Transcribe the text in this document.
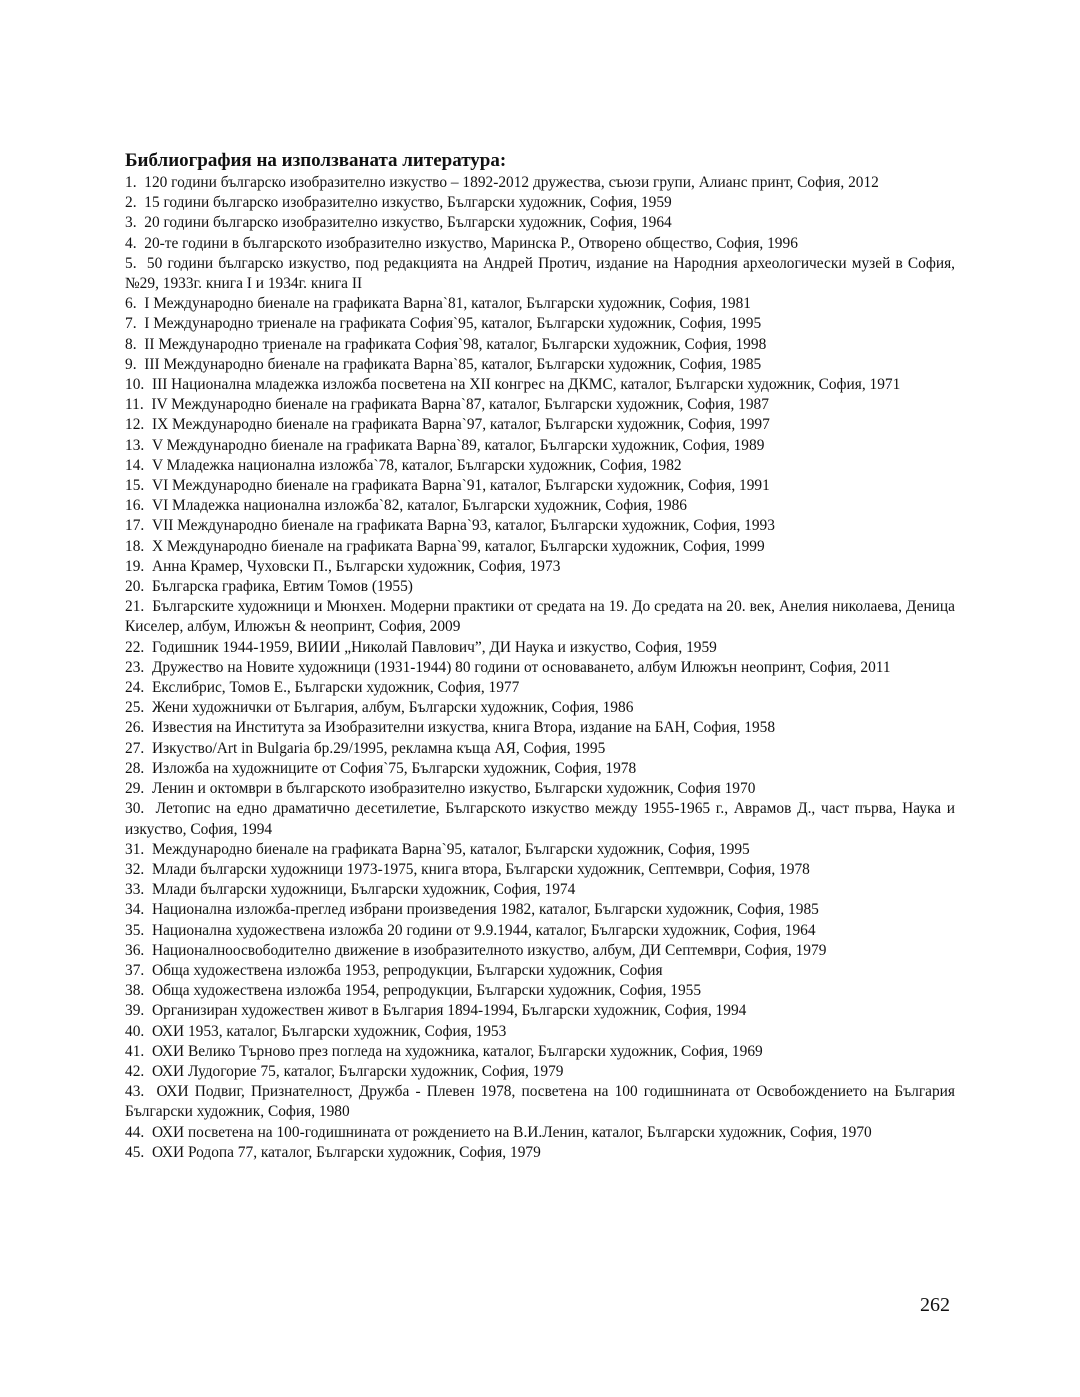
Библиография на използваната литература:
1. 120 години българско изобразително изкуство – 1892-2012 дружества, съюзи групи, Алианс принт, София, 2012
2. 15 години българско изобразително изкуство, Български художник, София, 1959
3. 20 години българско изобразително изкуство, Български художник, София, 1964
4. 20-те години в българското изобразително изкуство, Маринска Р., Отворено общество, София, 1996
5. 50 години българско изкуство, под редакцията на Андрей Протич, издание на Народния археологически музей в София, №29, 1933г. книга I и 1934г. книга II
6. I Международно биенале на графиката Варна`81, каталог, Български художник, София, 1981
7. I Международно триенале на графиката София`95, каталог, Български художник, София, 1995
8. II Международно триенале на графиката София`98, каталог, Български художник, София, 1998
9. III Международно биенале на графиката Варна`85, каталог, Български художник, София, 1985
10. III Национална младежка изложба посветена на XII конгрес на ДКМС, каталог, Български художник, София, 1971
11. IV Международно биенале на графиката Варна`87, каталог, Български художник, София, 1987
12. IX Международно биенале на графиката Варна`97, каталог, Български художник, София, 1997
13. V Международно биенале на графиката Варна`89, каталог, Български художник, София, 1989
14. V Младежка национална изложба`78, каталог, Български художник, София, 1982
15. VI Международно биенале на графиката Варна`91, каталог, Български художник, София, 1991
16. VI Младежка национална изложба`82, каталог, Български художник, София, 1986
17. VII Международно биенале на графиката Варна`93, каталог, Български художник, София, 1993
18. X Международно биенале на графиката Варна`99, каталог, Български художник, София, 1999
19. Анна Крамер, Чуховски П., Български художник, София, 1973
20. Българска графика, Евтим Томов (1955)
21. Българските художници и Мюнхен. Модерни практики от средата на 19. До средата на 20. век, Анелия николаева, Деница Киселер, албум, Илюжън & неопринт, София, 2009
22. Годишник 1944-1959, ВИИИ „Николай Павлович”, ДИ Наука и изкуство, София, 1959
23. Дружество на Новите художници (1931-1944) 80 години от основаването, албум Илюжън неопринт, София, 2011
24. Екслибрис, Томов Е., Български художник, София, 1977
25. Жени художнички от България, албум, Български художник, София, 1986
26. Известия на Института за Изобразителни изкуства, книга Втора, издание на БАН, София, 1958
27. Изкуство/Art in Bulgaria бр.29/1995, рекламна къща АЯ, София, 1995
28. Изложба на художниците от София`75, Български художник, София, 1978
29. Ленин и октомври в българското изобразително изкуство, Български художник, София 1970
30. Летопис на едно драматично десетилетие, Българското изкуство между 1955-1965 г., Аврамов Д., част първа, Наука и изкуство, София, 1994
31. Международно биенале на графиката Варна`95, каталог, Български художник, София, 1995
32. Млади български художници 1973-1975, книга втора, Български художник, Септември, София, 1978
33. Млади български художници, Български художник, София, 1974
34. Национална изложба-преглед избрани произведения 1982, каталог, Български художник, София, 1985
35. Национална художествена изложба 20 години от 9.9.1944, каталог, Български художник, София, 1964
36. Националноосвободително движение в изобразителното изкуство, албум, ДИ Септември, София, 1979
37. Обща художествена изложба 1953, репродукции, Български художник, София
38. Обща художествена изложба 1954, репродукции, Български художник, София, 1955
39. Организиран художествен живот в България 1894-1994, Български художник, София, 1994
40. ОХИ 1953, каталог, Български художник, София, 1953
41. ОХИ Велико Търново през погледа на художника, каталог, Български художник, София, 1969
42. ОХИ Лудогорие 75, каталог, Български художник, София, 1979
43. ОХИ Подвиг, Признателност, Дружба - Плевен 1978, посветена на 100 годишнината от Освобождението на България Български художник, София, 1980
44. ОХИ посветена на 100-годишнината от рождението на В.И.Ленин, каталог, Български художник, София, 1970
45. ОХИ Родопа 77, каталог, Български художник, София, 1979
262
